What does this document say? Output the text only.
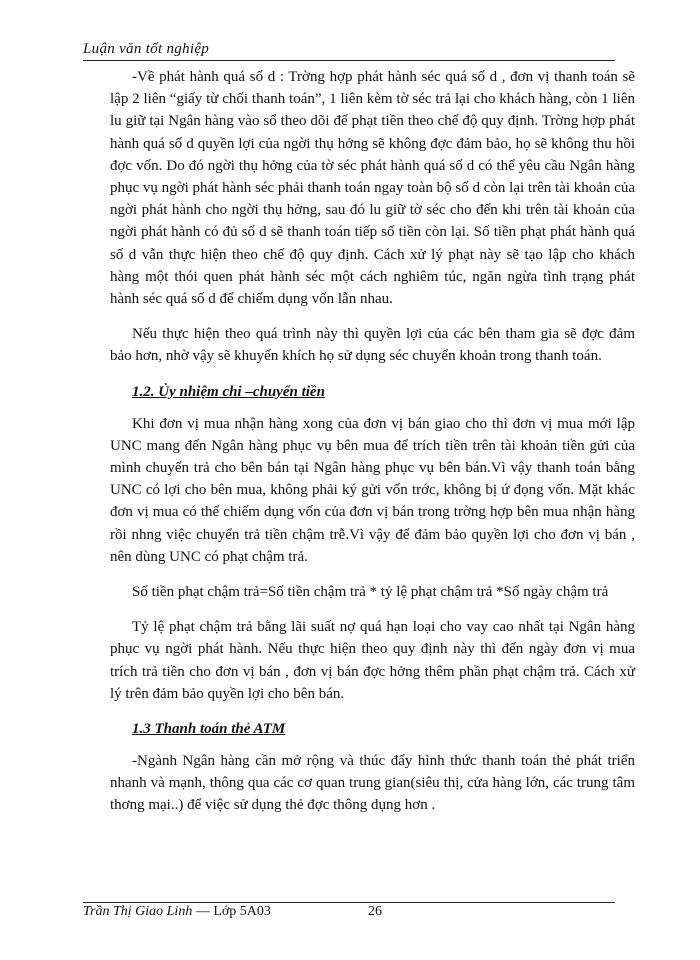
Luận văn tốt nghiệp

-Về phát hành quá số d : Trờng hợp phát hành séc quá số d , đơn vị thanh toán sẽ lập 2 liên “giấy từ chối thanh toán”, 1 liên kèm tờ séc trả lại cho khách hàng, còn 1 liên lu giữ tại Ngân hàng vào sổ theo dõi để phạt tiền theo chế độ quy định. Trờng hợp phát hành quá số d quyền lợi của ngời thụ hởng sẽ không đợc đảm bảo, họ sẽ không thu hồi đợc vốn. Do đó ngời thụ hởng của tờ séc phát hành quá số d có thể yêu cầu Ngân hàng phục vụ ngời phát hành séc phải thanh toán ngay toàn bộ số d còn lại trên tài khoản của ngời phát hành cho ngời thụ hởng, sau đó lu giữ tờ séc cho đến khi trên tài khoản của ngời phát hành có đủ số d sẽ thanh toán tiếp số tiền còn lại. Số tiền phạt phát hành quá số d vẫn thực hiện theo chế độ quy định. Cách xử lý phạt này sẽ tạo lập cho khách hàng một thói quen phát hành séc một cách nghiêm túc, ngăn ngừa tình trạng phát hành séc quá số d để chiếm dụng vốn lẫn nhau.

Nếu thực hiện theo quá trình này thì quyền lợi của các bên tham gia sẽ đợc đảm bảo hơn, nhờ vậy sẽ khuyến khích họ sử dụng séc chuyển khoản trong thanh toán.

1.2. Ủy nhiệm chi –chuyển tiền

Khi đơn vị mua nhận hàng xong của đơn vị bán giao cho thì đơn vị mua mới lập UNC mang đến Ngân hàng phục vụ bên mua để trích tiền trên tài khoản tiền gửi của mình chuyển trả cho bên bán tại Ngân hàng phục vụ bên bán.Vì vậy thanh toán bằng UNC có lợi cho bên mua, không phải ký gửi vốn trớc, không bị ứ đọng vốn. Mặt khác đơn vị mua có thể chiếm dụng vốn của đơn vị bán trong trờng hợp bên mua nhận hàng rồi nhng việc chuyển trả tiền chậm trễ.Vì vậy để đảm bảo quyền lợi cho đơn vị bán , nên dùng UNC có phạt chậm trả.

Số tiền phạt chậm trả=Số tiền chậm trả * tỷ lệ phạt chậm trả *Số ngày chậm trả

Tỷ lệ phạt chậm trả bằng lãi suất nợ quá hạn loại cho vay cao nhất tại Ngân hàng phục vụ ngời phát hành. Nếu thực hiện theo quy định này thì đến ngày đơn vị mua trích trả tiền cho đơn vị bán , đơn vị bán đợc hởng thêm phần phạt chậm trả. Cách xử lý trên đảm bảo quyền lợi cho bên bán.

1.3 Thanh toán thẻ ATM

-Ngành Ngân hàng cần mở rộng và thúc đẩy hình thức thanh toán thẻ phát triển nhanh và mạnh, thông qua các cơ quan trung gian(siêu thị, cửa hàng lớn, các trung tâm thơng mại..) để việc sử dụng thẻ đợc thông dụng hơn .

Trần Thị Giao Linh — Lớp 5A03	26
